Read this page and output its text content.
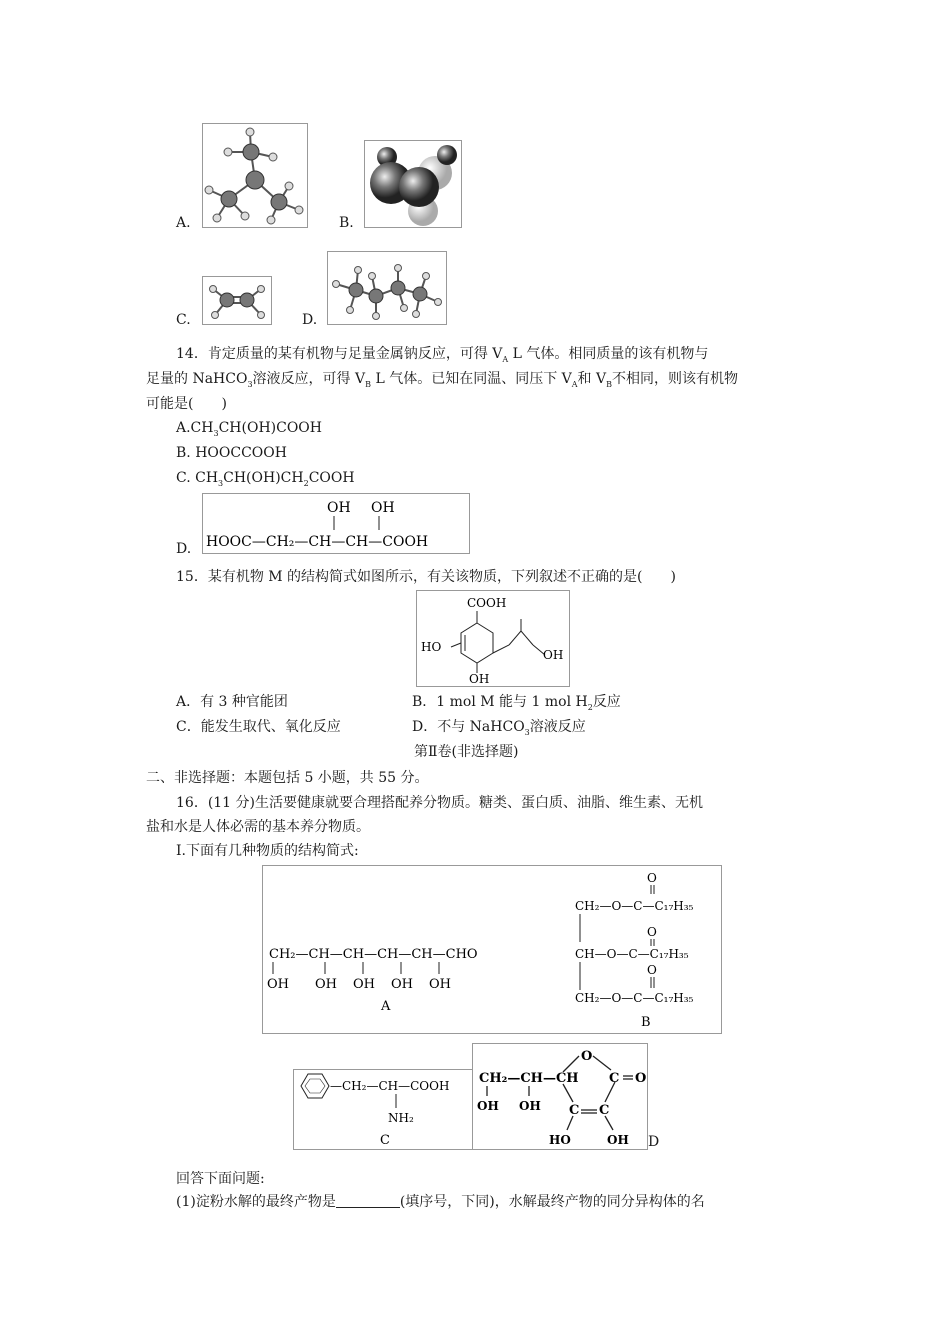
A.	B.
C.	D.
14．肯定质量的某有机物与足量金属钠反应，可得 $V_A$ L 气体。相同质量的该有机物与
足量的 NaHCO$_3$溶液反应，可得 $V_B$ L 气体。已知在同温、同压下 $V_A$和 $V_B$不相同，则该有机物
可能是(　　)
$A.CH_3CH(OH)COOH$
B. HOOCCOOH
C. $CH_3CH(OH)CH_2COOH$
D.
OH OH
HOOC—CH₂—CH—CH—COOH
15．某有机物 M 的结构简式如图所示，有关该物质，下列叙述不正确的是(　　)
COOH
HO
OH
OH
A．有 3 种官能团	B．1 mol M 能与 1 mol $H_2$反应
C．能发生取代、氧化反应	D．不与 NaHCO$_3$溶液反应
第Ⅱ卷(非选择题)
二、非选择题：本题包括 5 小题，共 55 分。
16．(11 分)生活要健康就要合理搭配养分物质。糖类、蛋白质、油脂、维生素、无机
盐和水是人体必需的基本养分物质。
Ⅰ.下面有几种物质的结构简式:
CH₂—CH—CH—CH—CH—CHO
OH OH OH OH OH
A
O
CH₂—O—C—C₁₇H₃₅
O
CH—O—C—C₁₇H₃₅
O
CH₂—O—C—C₁₇H₃₅
B
—CH₂—CH—COOH
NH₂
C
O
CH₂—CH—CH C O
C C
OH OH
HO	OH D
回答下面问题:
(1)淀粉水解的最终产物是	(填序号，下同)，水解最终产物的同分异构体的名
